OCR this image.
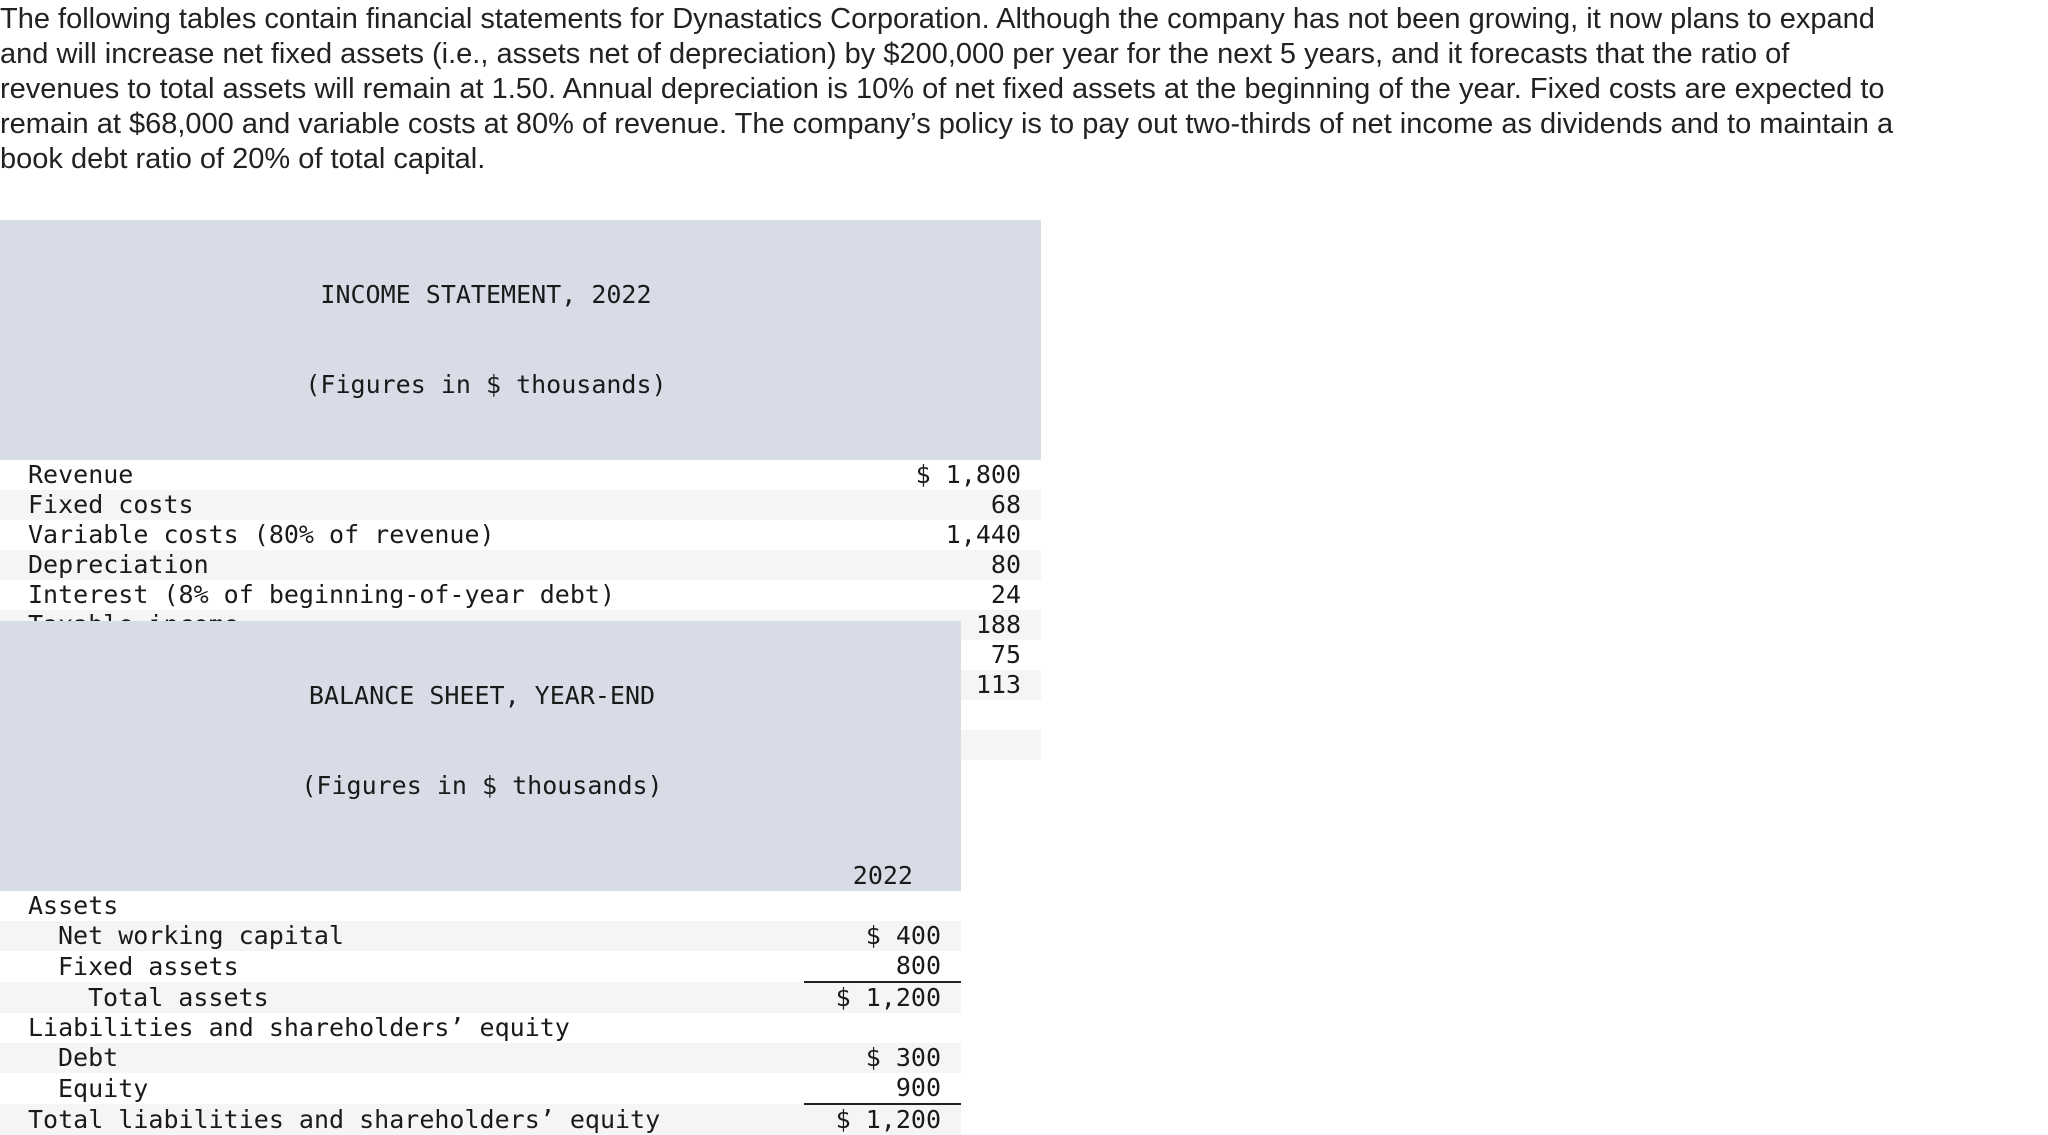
The following tables contain financial statements for Dynastatics Corporation. Although the company has not been growing, it now plans to expand and will increase net fixed assets (i.e., assets net of depreciation) by $200,000 per year for the next 5 years, and it forecasts that the ratio of revenues to total assets will remain at 1.50. Annual depreciation is 10% of net fixed assets at the beginning of the year. Fixed costs are expected to remain at $68,000 and variable costs at 80% of revenue. The company’s policy is to pay out two-thirds of net income as dividends and to maintain a book debt ratio of 20% of total capital.

INCOME STATEMENT, 2022

(Figures in $ thousands)		

Revenue		$ 1,800
Fixed costs		68
Variable costs (80% of revenue)		1,440
Depreciation		80
Interest (8% of beginning-of-year debt)		24
Taxable income		188
Taxes (at 40%)		75
Net income		$ 113
Dividends	$ 75	
Addition to retained earnings	$ 38	

BALANCE SHEET, YEAR-END

(Figures in $ thousands)	

	2022
Assets	
Net working capital	$ 400
Fixed assets	800
Total assets	$ 1,200
Liabilities and shareholders’ equity	
Debt	$ 300
Equity	900
Total liabilities and shareholders’ equity	$ 1,200
